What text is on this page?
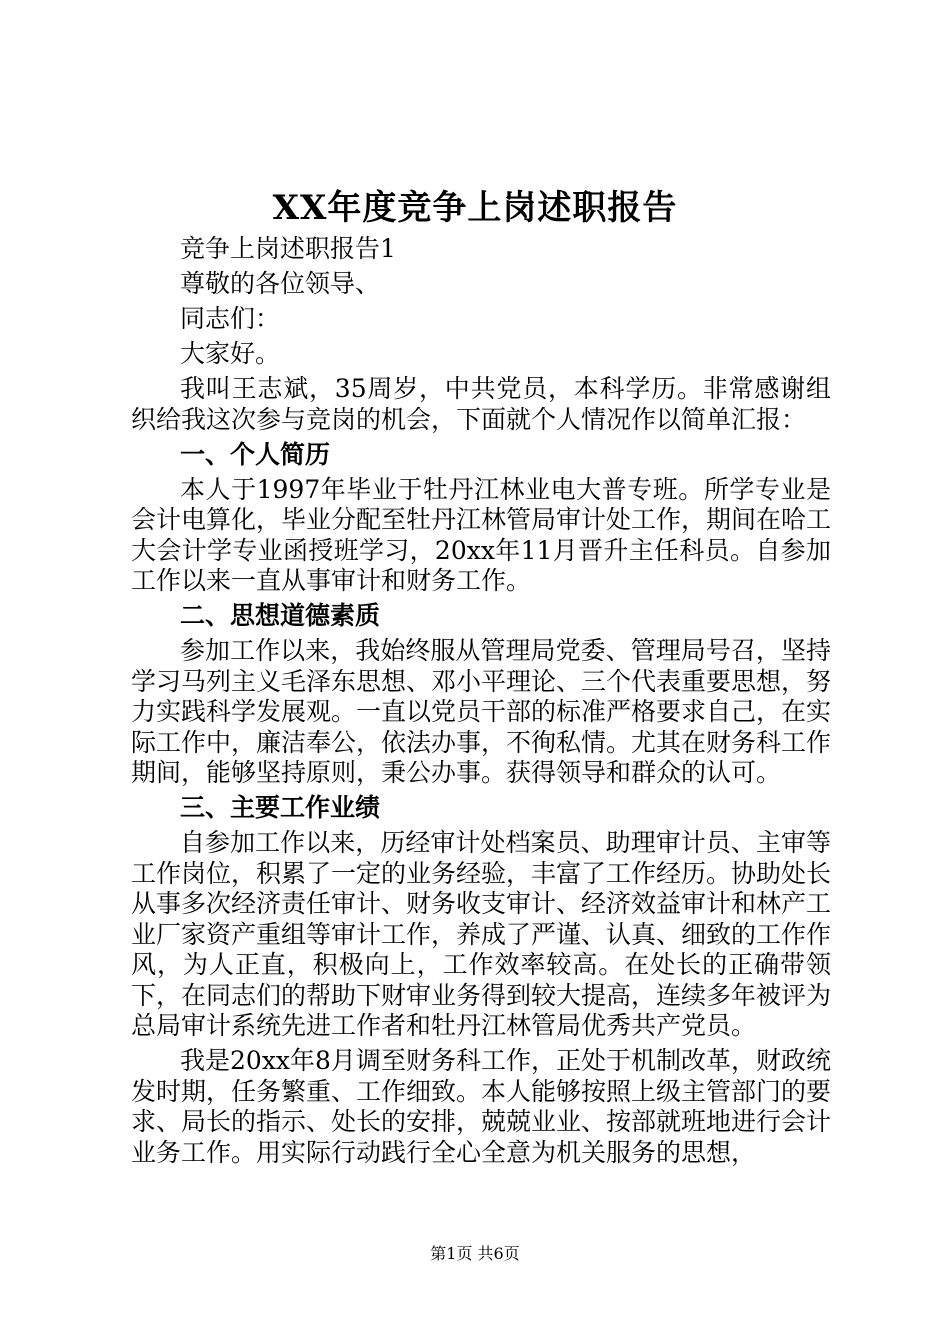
XX年度竞争上岗述职报告
竞争上岗述职报告1
尊敬的各位领导、
同志们：
大家好。
我叫王志斌，35周岁，中共党员，本科学历。非常感谢组织给我这次参与竞岗的机会，下面就个人情况作以简单汇报：
一、个人简历
本人于1997年毕业于牡丹江林业电大普专班。所学专业是会计电算化，毕业分配至牡丹江林管局审计处工作，期间在哈工大会计学专业函授班学习，20xx年11月晋升主任科员。自参加工作以来一直从事审计和财务工作。
二、思想道德素质
参加工作以来，我始终服从管理局党委、管理局号召，坚持学习马列主义毛泽东思想、邓小平理论、三个代表重要思想，努力实践科学发展观。一直以党员干部的标准严格要求自己，在实际工作中，廉洁奉公，依法办事，不徇私情。尤其在财务科工作期间，能够坚持原则，秉公办事。获得领导和群众的认可。
三、主要工作业绩
自参加工作以来，历经审计处档案员、助理审计员、主审等工作岗位，积累了一定的业务经验，丰富了工作经历。协助处长从事多次经济责任审计、财务收支审计、经济效益审计和林产工业厂家资产重组等审计工作，养成了严谨、认真、细致的工作作风，为人正直，积极向上，工作效率较高。在处长的正确带领下，在同志们的帮助下财审业务得到较大提高，连续多年被评为总局审计系统先进工作者和牡丹江林管局优秀共产党员。
我是20xx年8月调至财务科工作，正处于机制改革，财政统发时期，任务繁重、工作细致。本人能够按照上级主管部门的要求、局长的指示、处长的安排，兢兢业业、按部就班地进行会计业务工作。用实际行动践行全心全意为机关服务的思想，
第1页 共6页
